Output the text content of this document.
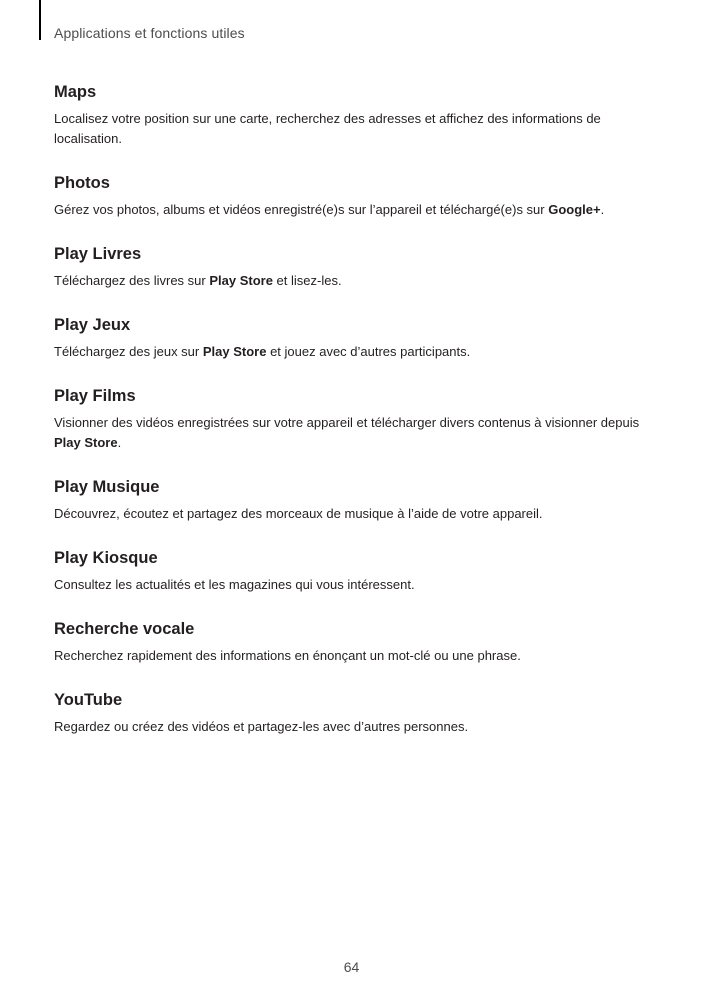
Applications et fonctions utiles
Maps

Localisez votre position sur une carte, recherchez des adresses et affichez des informations de localisation.

Photos

Gérez vos photos, albums et vidéos enregistré(e)s sur l’appareil et téléchargé(e)s sur Google+.

Play Livres

Téléchargez des livres sur Play Store et lisez-les.

Play Jeux

Téléchargez des jeux sur Play Store et jouez avec d’autres participants.

Play Films

Visionner des vidéos enregistrées sur votre appareil et télécharger divers contenus à visionner depuis Play Store.

Play Musique

Découvrez, écoutez et partagez des morceaux de musique à l’aide de votre appareil.

Play Kiosque

Consultez les actualités et les magazines qui vous intéressent.

Recherche vocale

Recherchez rapidement des informations en énonçant un mot-clé ou une phrase.

YouTube

Regardez ou créez des vidéos et partagez-les avec d’autres personnes.

64
